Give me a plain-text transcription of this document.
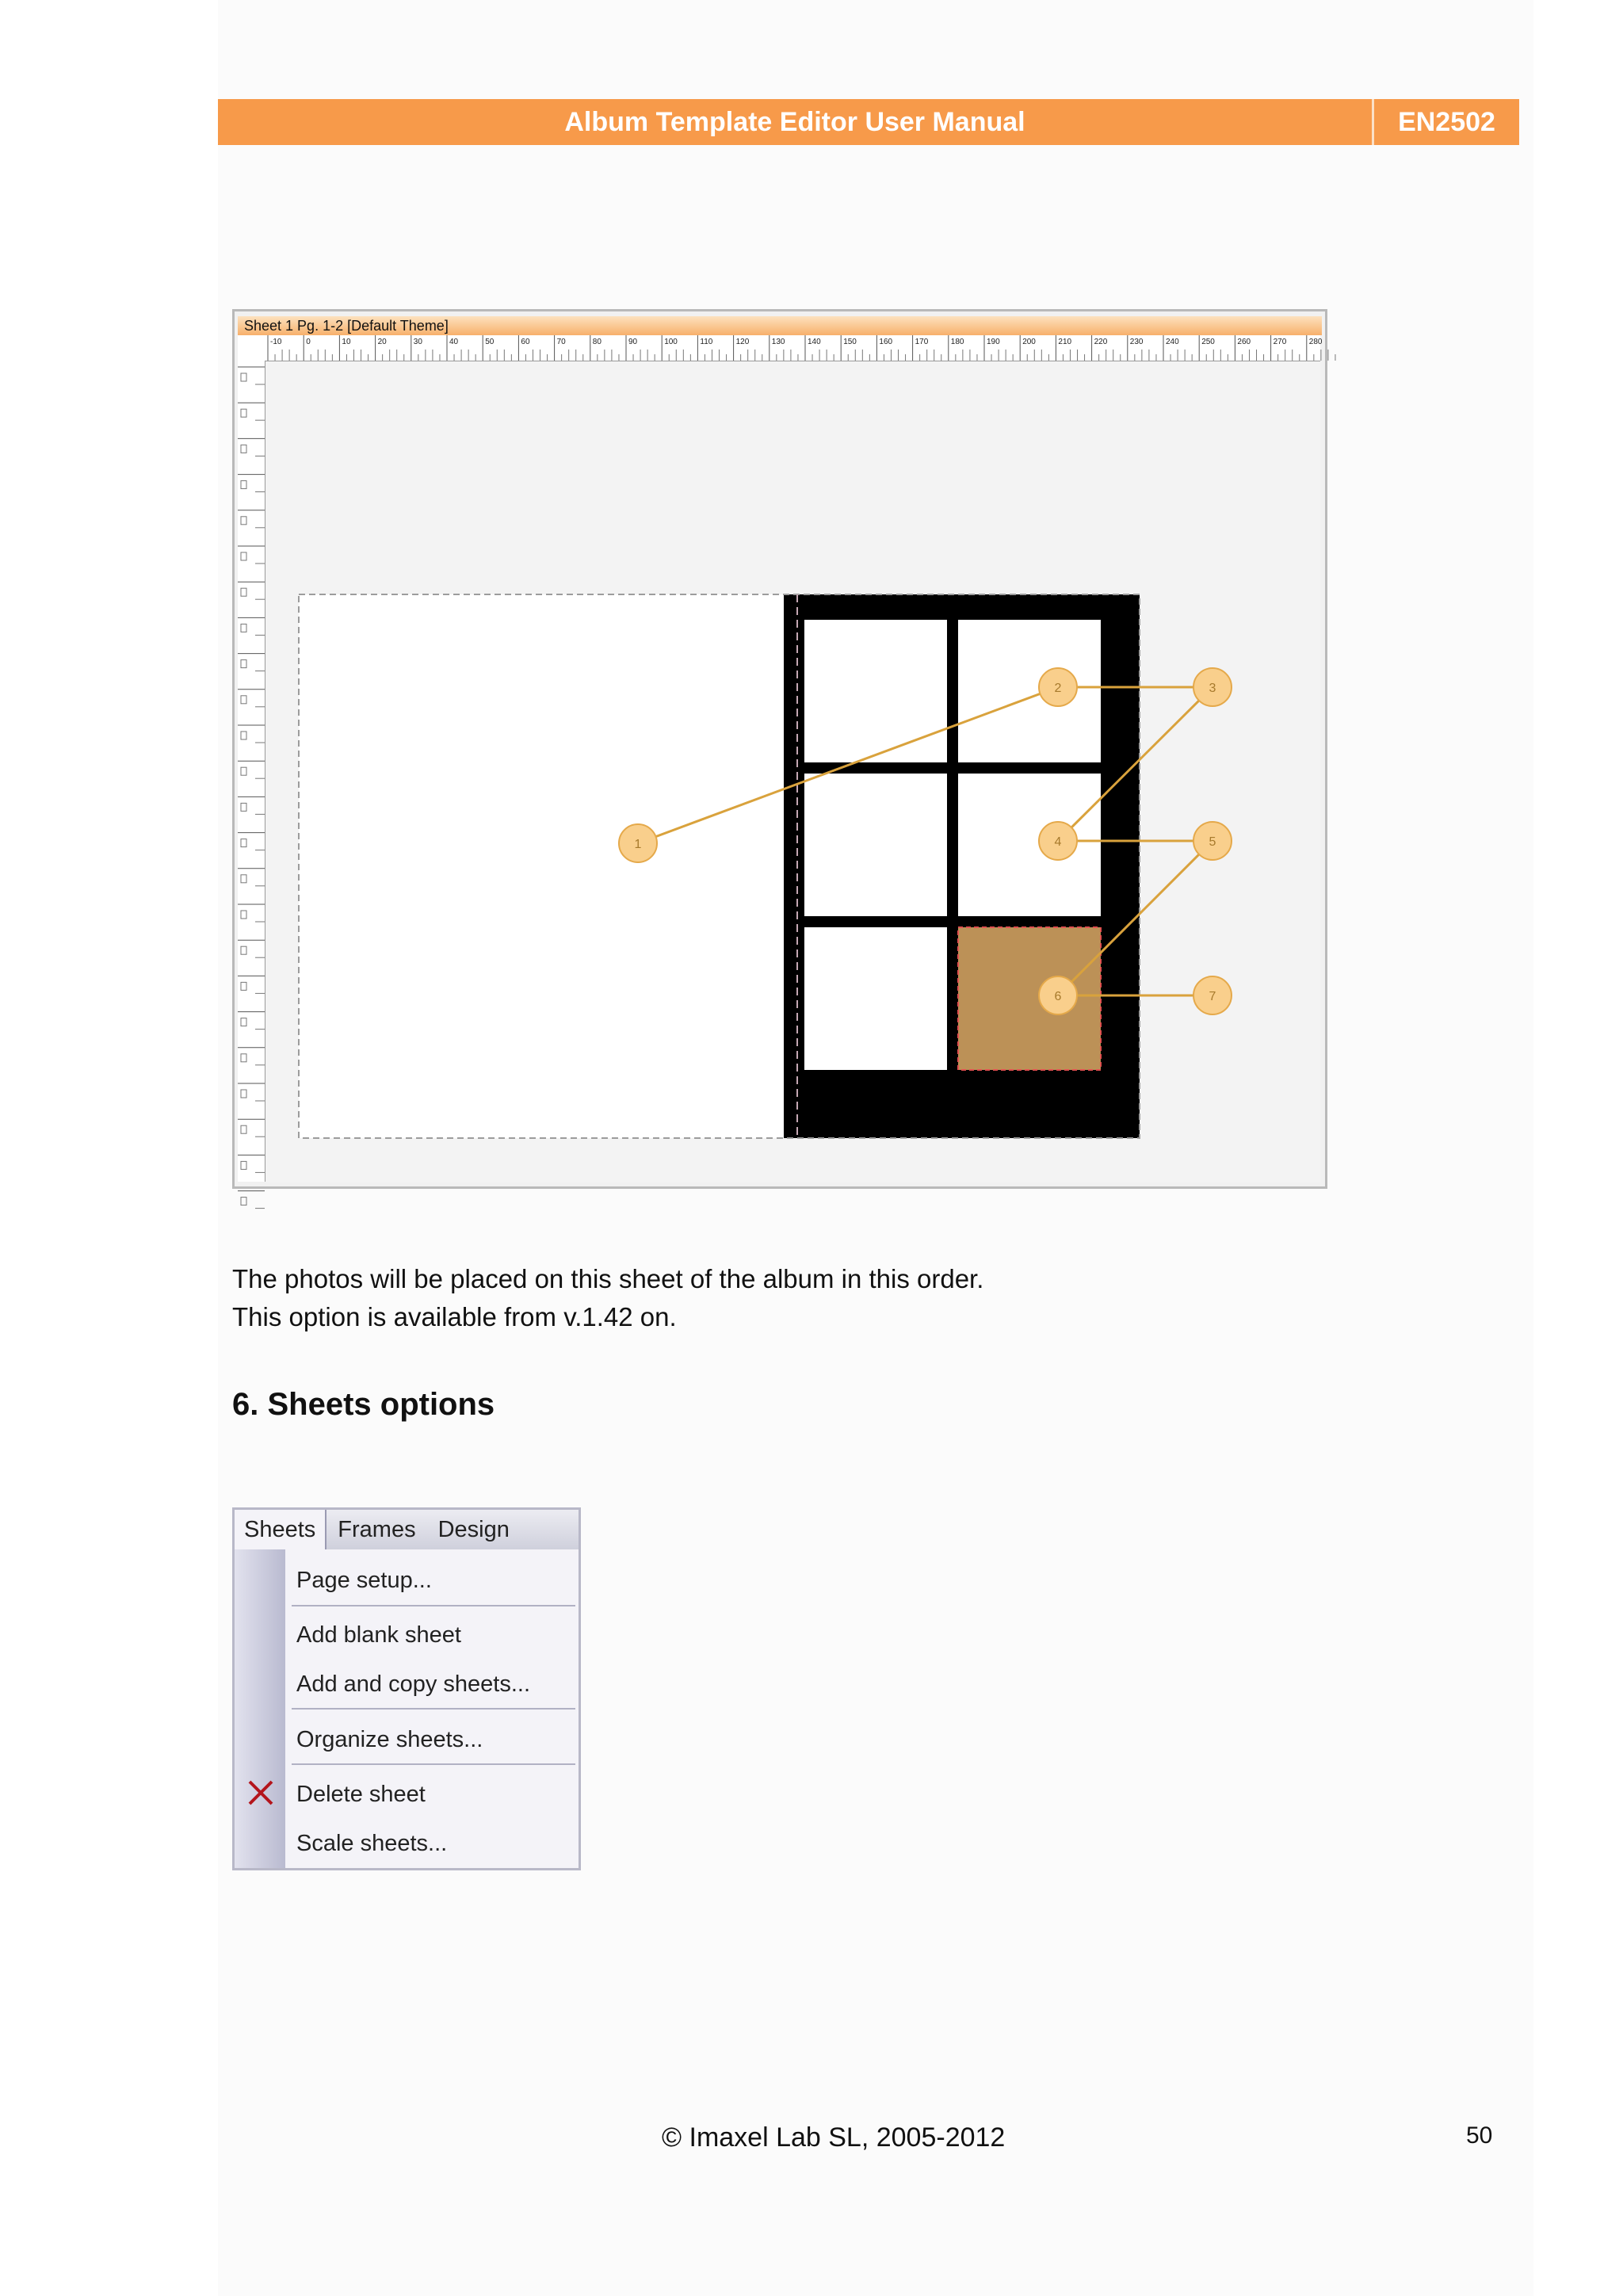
Album Template Editor User Manual	EN2502
Sheet 1 Pg. 1-2 [Default Theme]
-10	0	10	20	30	40	50	60	70	80	90	100	110	120	130	140	150	160	170	180	190	200	210	220	230	240	250	260	270	280
1
2	3
4	5
6	7
The photos will be placed on this sheet of the album in this order.
This option is available from v.1.42 on.
6. Sheets options
Sheets Frames Design
Page setup...
Add blank sheet
Add and copy sheets...
Organize sheets...
Delete sheet
Scale sheets...
© Imaxel Lab SL, 2005-2012	50
